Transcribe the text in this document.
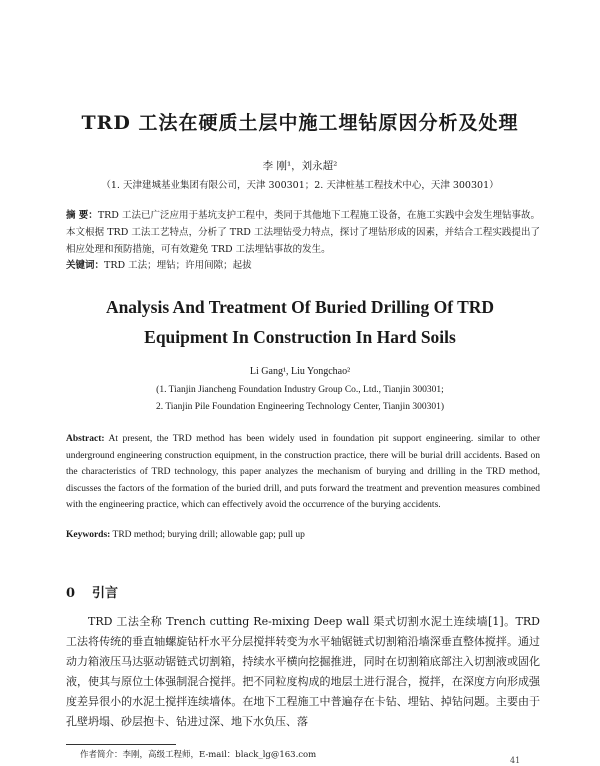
TRD 工法在硬质土层中施工埋钻原因分析及处理
李 刚¹，刘永超²
（1. 天津建城基业集团有限公司，天津 300301；2. 天津桩基工程技术中心，天津 300301）
摘 要：TRD 工法已广泛应用于基坑支护工程中，类同于其他地下工程施工设备，在施工实践中会发生埋钻事故。本文根据 TRD 工法工艺特点，分析了 TRD 工法埋钻受力特点，探讨了埋钻形成的因素，并结合工程实践提出了相应处理和预防措施，可有效避免 TRD 工法埋钻事故的发生。
关键词：TRD 工法；埋钻；许用间隙；起拔
Analysis And Treatment Of Buried Drilling Of TRD
Equipment In Construction In Hard Soils
Li Gang¹, Liu Yongchao²
(1. Tianjin Jiancheng Foundation Industry Group Co., Ltd., Tianjin 300301;
2. Tianjin Pile Foundation Engineering Technology Center, Tianjin 300301)
Abstract: At present, the TRD method has been widely used in foundation pit support engineering. similar to other underground engineering construction equipment, in the construction practice, there will be burial drill accidents. Based on the characteristics of TRD technology, this paper analyzes the mechanism of burying and drilling in the TRD method, discusses the factors of the formation of the buried drill, and puts forward the treatment and prevention measures combined with the engineering practice, which can effectively avoid the occurrence of the burying accidents.
Keywords: TRD method; burying drill; allowable gap; pull up
0 引言

TRD 工法全称 Trench cutting Re-mixing Deep wall 渠式切割水泥土连续墙[1]。TRD 工法将传统的垂直轴螺旋钻杆水平分层搅拌转变为水平轴锯链式切割箱沿墙深垂直整体搅拌。通过动力箱液压马达驱动锯链式切割箱，持续水平横向挖掘推进，同时在切割箱底部注入切割液或固化液，使其与原位土体强制混合搅拌。把不同粒度构成的地层土进行混合，搅拌，在深度方向形成强度差异很小的水泥土搅拌连续墙体。在地下工程施工中普遍存在卡钻、埋钻、掉钻问题。主要由于孔壁坍塌、砂层抱卡、钻进过深、地下水负压、落

作者简介：李刚，高级工程师，E-mail：black_lg@163.com
41
